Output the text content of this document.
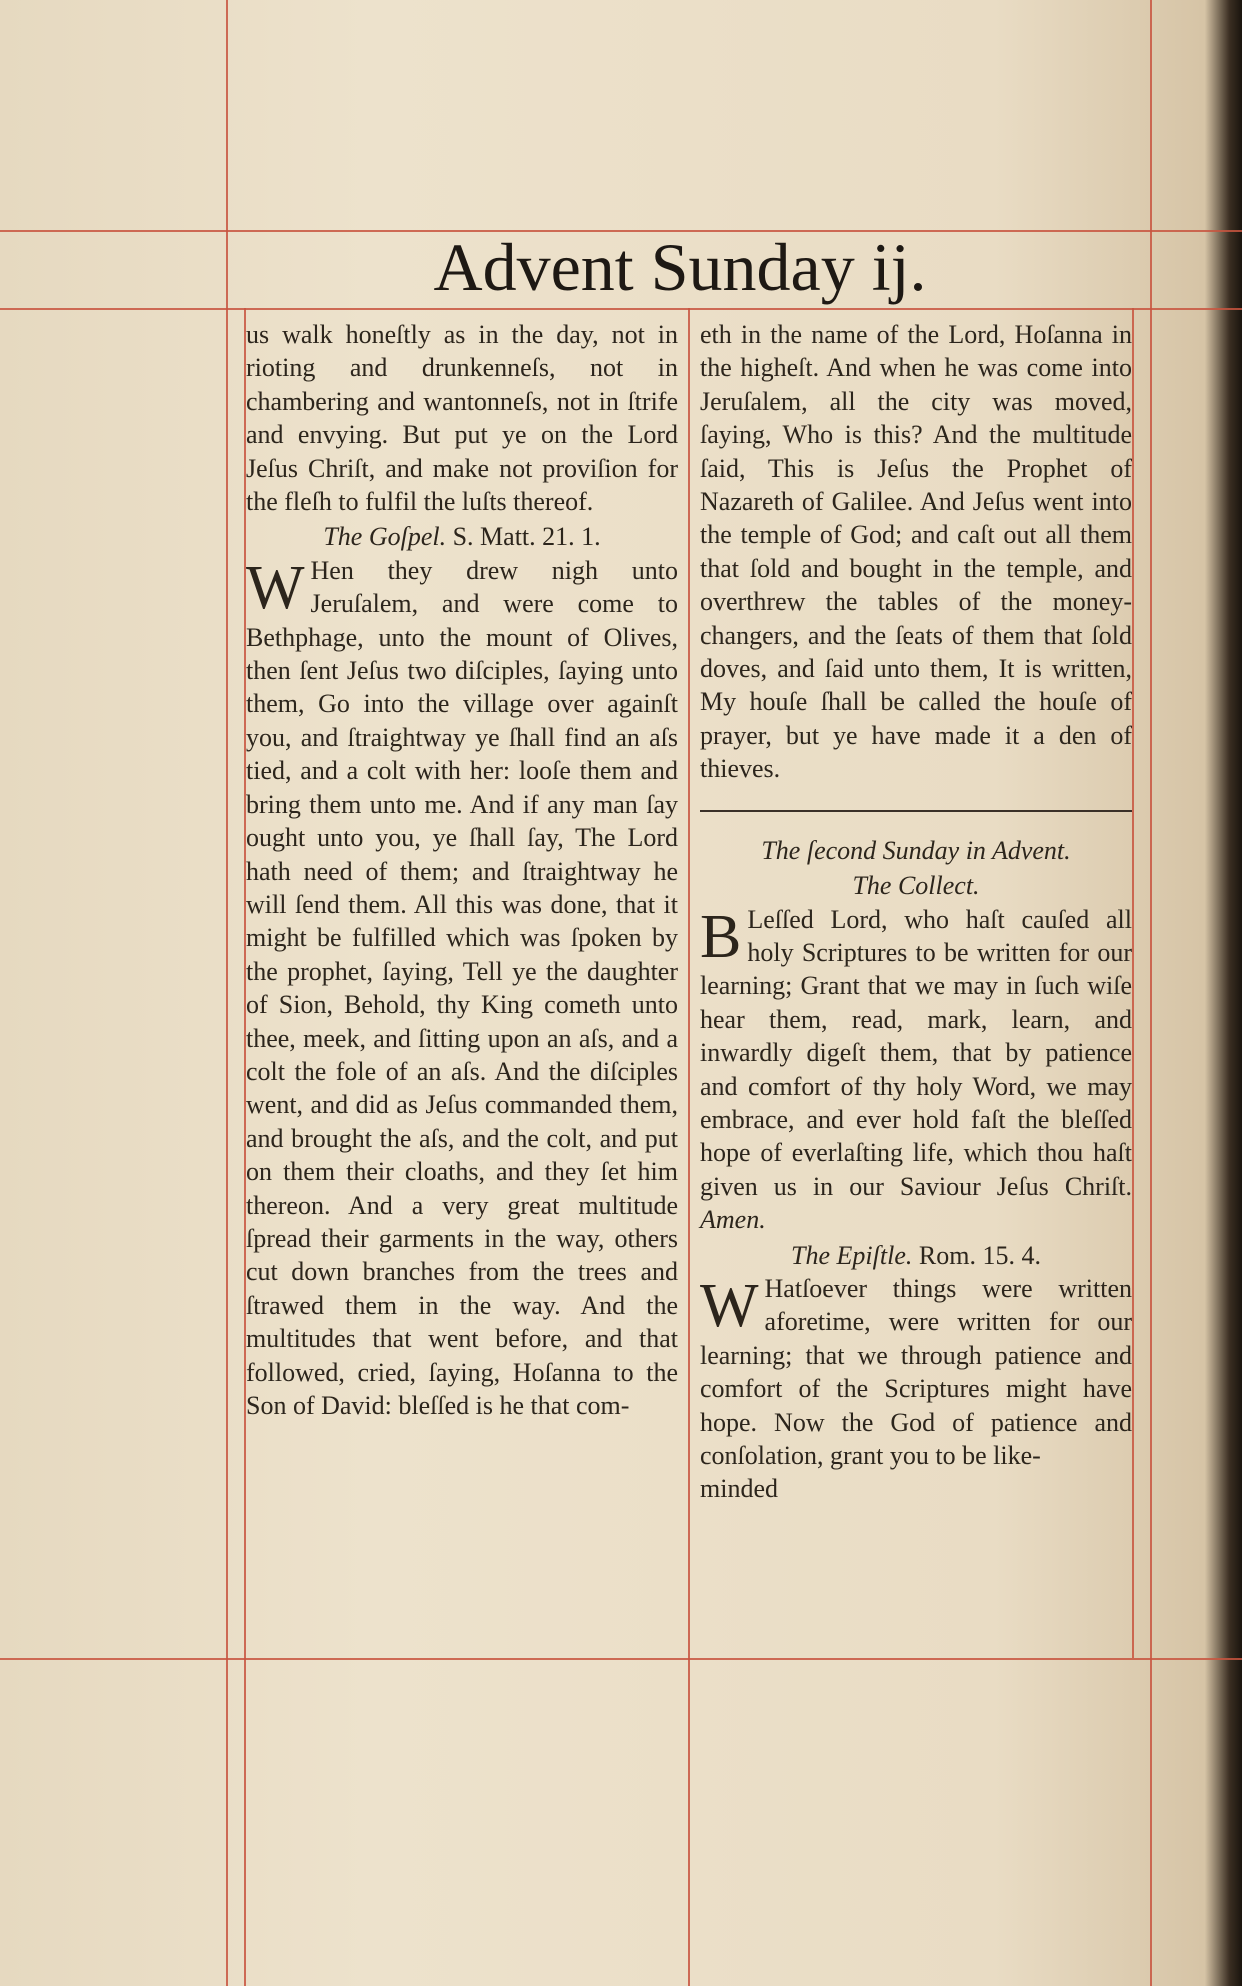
Advent Sunday ij.

us walk honeſtly as in the day, not in rioting and drunkenneſs, not in chambering and wantonneſs, not in ſtrife and envying. But put ye on the Lord Jeſus Chriſt, and make not proviſion for the fleſh to fulfil the luſts thereof.

The Goſpel. S. Matt. 21. 1.

W Hen they drew nigh unto Jeruſalem, and were come to Bethphage, unto the mount of Olives, then ſent Jeſus two diſciples, ſaying unto them, Go into the village over againſt you, and ſtraightway ye ſhall find an aſs tied, and a colt with her: looſe them and bring them unto me. And if any man ſay ought unto you, ye ſhall ſay, The Lord hath need of them; and ſtraightway he will ſend them. All this was done, that it might be fulfilled which was ſpoken by the prophet, ſaying, Tell ye the daughter of Sion, Behold, thy King cometh unto thee, meek, and ſitting upon an aſs, and a colt the fole of an aſs. And the diſciples went, and did as Jeſus commanded them, and brought the aſs, and the colt, and put on them their cloaths, and they ſet him thereon. And a very great multitude ſpread their garments in the way, others cut down branches from the trees and ſtrawed them in the way. And the multitudes that went before, and that followed, cried, ſaying, Hoſanna to the Son of David: bleſſed is he that com-

eth in the name of the Lord, Hoſanna in the higheſt. And when he was come into Jeruſalem, all the city was moved, ſaying, Who is this? And the multitude ſaid, This is Jeſus the Prophet of Nazareth of Galilee. And Jeſus went into the temple of God; and caſt out all them that ſold and bought in the temple, and overthrew the tables of the money-changers, and the ſeats of them that ſold doves, and ſaid unto them, It is written, My houſe ſhall be called the houſe of prayer, but ye have made it a den of thieves.

The ſecond Sunday in Advent.
The Collect.

B Leſſed Lord, who haſt cauſed all holy Scriptures to be written for our learning; Grant that we may in ſuch wiſe hear them, read, mark, learn, and inwardly digeſt them, that by patience and comfort of thy holy Word, we may embrace, and ever hold faſt the bleſſed hope of everlaſting life, which thou haſt given us in our Saviour Jeſus Chriſt. Amen.

The Epiſtle. Rom. 15. 4.

W Hatſoever things were written aforetime, were written for our learning; that we through patience and comfort of the Scriptures might have hope. Now the God of patience and conſolation, grant you to be like-

minded
